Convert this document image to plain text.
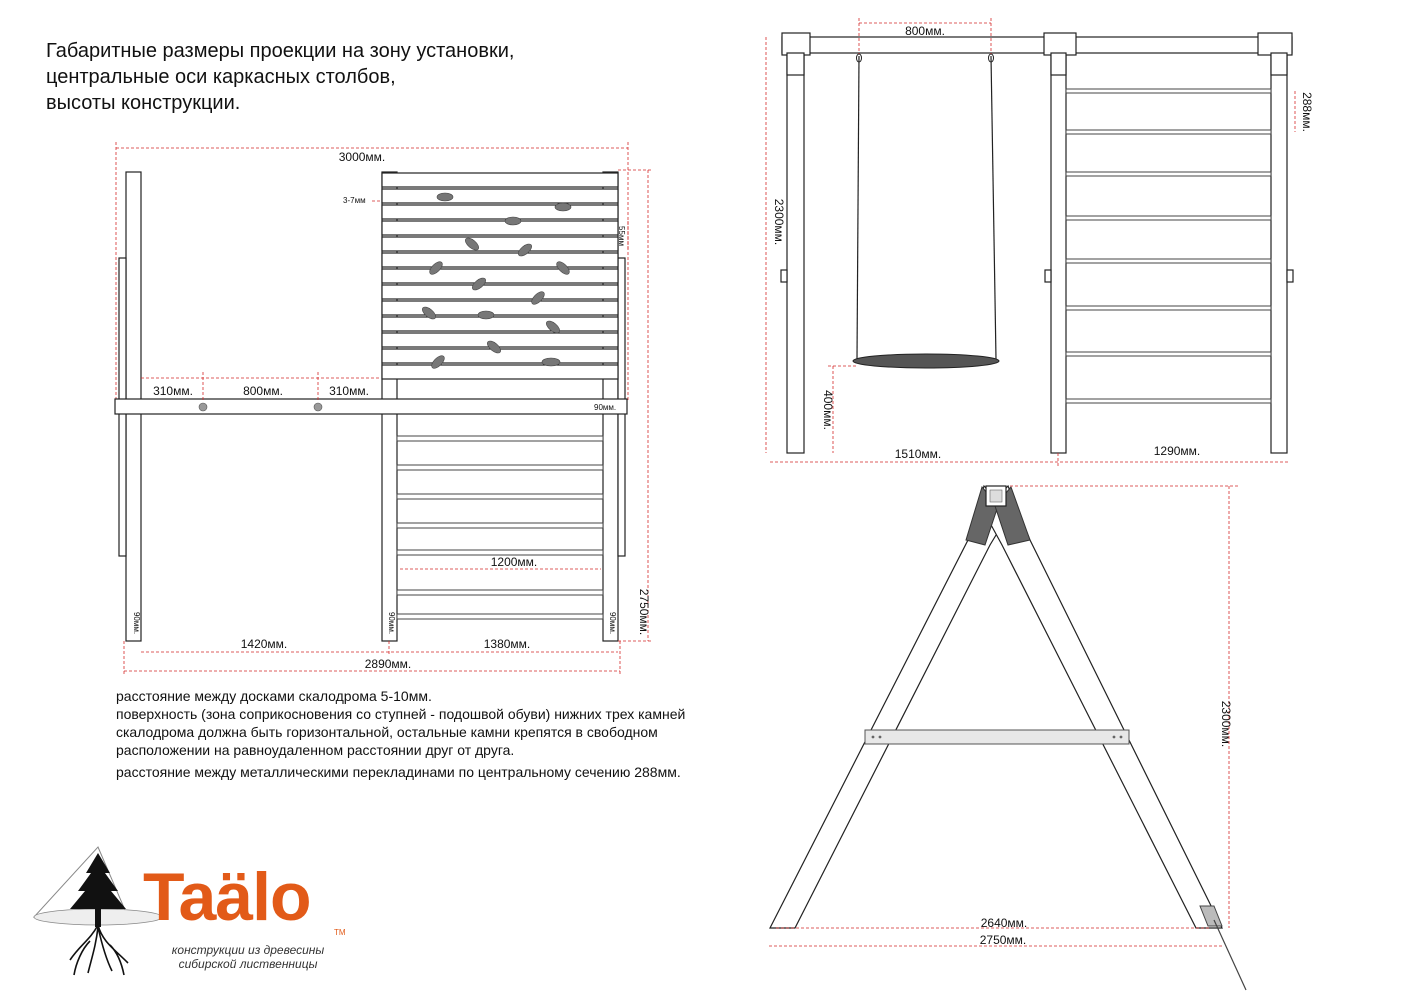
Габаритные размеры проекции на зону установки,
центральные оси каркасных столбов,
высоты конструкции.
3000мм.
3-7мм
55мм
90мм.
310мм.	800мм.	310мм.
1200мм.
90мм.	90мм.	90мм.
1420мм.	1380мм.
2890мм.
2750мм.
800мм.
288мм.
2300мм.
400мм.
1510мм.	1290мм.
2300мм.
2640мм.
2750мм.

расстояние между досками скалодрома 5-10мм.

поверхность (зона соприкосновения со ступней - подошвой обуви) нижних трех камней

скалодрома должна быть горизонтальной, остальные камни крепятся в свободном

расположении на равноудаленном расстоянии друг от друга.

расстояние между металлическими перекладинами по центральному сечению 288мм.

Taälo	TM
конструкции из древесины
сибирской лиственницы
